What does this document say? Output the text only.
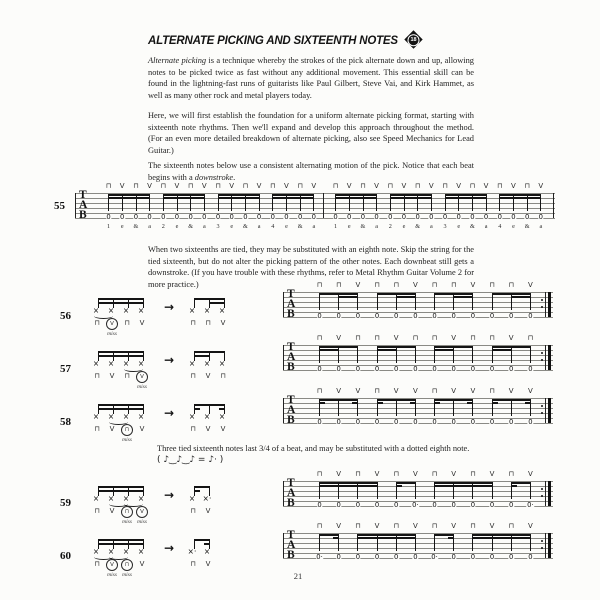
ALTERNATE PICKING AND SIXTEENTH NOTES	18
Alternate picking is a technique whereby the strokes of the pick alternate down and up, allowing notes to be picked twice as fast without any additional movement. This essential skill can be found in the lightning-fast runs of guitarists like Paul Gilbert, Steve Vai, and Kirk Hammet, as well as many other rock and metal players today.
Here, we will first establish the foundation for a uniform alternate picking format, starting with sixteenth note rhythms. Then we'll expand and develop this approach throughout the method. (For an even more detailed breakdown of alternate picking, also see Speed Mechanics for Lead Guitar.)
The sixteenth notes below use a consistent alternating motion of the pick. Notice that each beat begins with a downstroke.
When two sixteenths are tied, they may be substituted with an eighth note. Skip the string for the tied sixteenth, but do not alter the picking pattern of the other notes. Each downbeat still gets a downstroke. (If you have trouble with these rhythms, refer to Metal Rhythm Guitar Volume 2 for more practice.)
Three tied sixteenth notes last 3/4 of a beat, and may be substituted with a dotted eighth note.
( ♪‿♪‿♪ = ♪· )
21
55
T
A
B	0
⊓
0
V
0
⊓
0
V
0
⊓
0
V
0
⊓
0
V
0
⊓
0
V
0
⊓
0
V
0
⊓
0
V
0
⊓
0
V
1 e & a 2 e & a 3 e & a 4 e & a
0
⊓
0
V
0
⊓
0
V
0
⊓
0
V
0
⊓
0
V
0
⊓
0
V
0
⊓
0
V
0
⊓
0
V
0
⊓
0
V
1 e & a 2 e & a 3 e & a 4 e & a
56	× × × ×
⊓	V
miss
⊓ V
→ × × ×
⊓ ⊓ V
T
A
B	0
⊓
0
⊓
0
V
0
⊓
0
⊓
0
V
0
⊓
0
⊓
0
V
0
⊓
0
⊓
0
V
57	× × × ×
⊓ V ⊓	V
miss
→ × × ×
⊓ V ⊓
T
A
B	0
⊓
0
V
0
⊓
0
⊓
0
V
0
⊓
0
⊓
0
V
0
⊓
0
⊓
0
V
0
⊓
58	× × × ×
⊓ V	⊓
miss
V
→ × × ×
⊓ V V
T
A
B	0
⊓
0
V
0
V
0
⊓
0
V
0
V
0
⊓
0
V
0
V
0
⊓
0
V
0
V
59	× × × ×
⊓ V	⊓
miss
V
miss
→ × ×·
⊓ V
T
A
B	0
⊓
0
V
0
⊓
0
V
0
⊓
0·
V
0
⊓
0
V
0
⊓
0
V
0
⊓
0·
V
60	× × × ×
⊓	V
miss
⊓
miss
V
→ ×· ×
⊓ V
T
A
B	0·
⊓
0
V
0
⊓
0
V
0
⊓
0
V
0·
⊓
0
V
0
⊓
0
V
0
⊓
0
V
